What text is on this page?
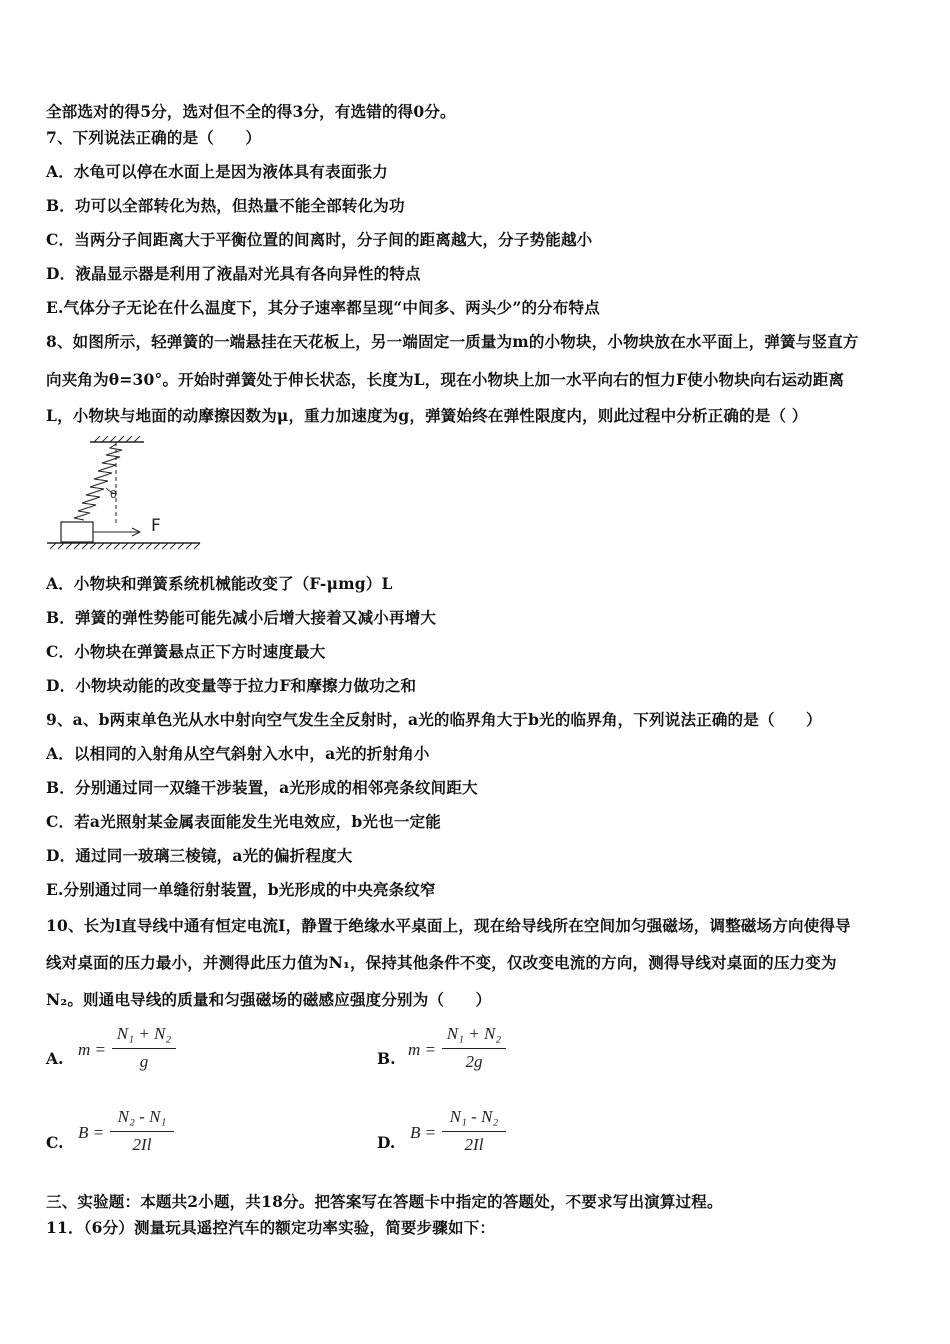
全部选对的得5分，选对但不全的得3分，有选错的得0分。
7、下列说法正确的是（　　）
A．水龟可以停在水面上是因为液体具有表面张力
B．功可以全部转化为热，但热量不能全部转化为功
C．当两分子间距离大于平衡位置的间离时，分子间的距离越大，分子势能越小
D．液晶显示器是利用了液晶对光具有各向异性的特点
E.气体分子无论在什么温度下，其分子速率都呈现“中间多、两头少”的分布特点
8、如图所示，轻弹簧的一端悬挂在天花板上，另一端固定一质量为m的小物块，小物块放在水平面上，弹簧与竖直方
向夹角为θ=30°。开始时弹簧处于伸长状态，长度为L，现在小物块上加一水平向右的恒力F使小物块向右运动距离
L，小物块与地面的动摩擦因数为μ，重力加速度为g，弹簧始终在弹性限度内，则此过程中分析正确的是（ ）
θ
F
A．小物块和弹簧系统机械能改变了（F-μmg）L
B．弹簧的弹性势能可能先减小后增大接着又减小再增大
C．小物块在弹簧悬点正下方时速度最大
D．小物块动能的改变量等于拉力F和摩擦力做功之和
9、a、b两束单色光从水中射向空气发生全反射时，a光的临界角大于b光的临界角，下列说法正确的是（　　）
A．以相同的入射角从空气斜射入水中，a光的折射角小
B．分别通过同一双缝干涉装置，a光形成的相邻亮条纹间距大
C．若a光照射某金属表面能发生光电效应，b光也一定能
D．通过同一玻璃三棱镜，a光的偏折程度大
E.分别通过同一单缝衍射装置，b光形成的中央亮条纹窄
10、长为l直导线中通有恒定电流I，静置于绝缘水平桌面上，现在给导线所在空间加匀强磁场，调整磁场方向使得导
线对桌面的压力最小，并测得此压力值为N₁，保持其他条件不变，仅改变电流的方向，测得导线对桌面的压力变为
N₂。则通电导线的质量和匀强磁场的磁感应强度分别为（　　）
A. m =
N₁ + N₂
g	B. m =
N₁ + N₂
2g
C.
B =
N₂ - N₁
2Il	D.
B =
N₁ - N₂
2Il
三、实验题：本题共2小题，共18分。把答案写在答题卡中指定的答题处，不要求写出演算过程。
11．（6分）测量玩具遥控汽车的额定功率实验，简要步骤如下：
